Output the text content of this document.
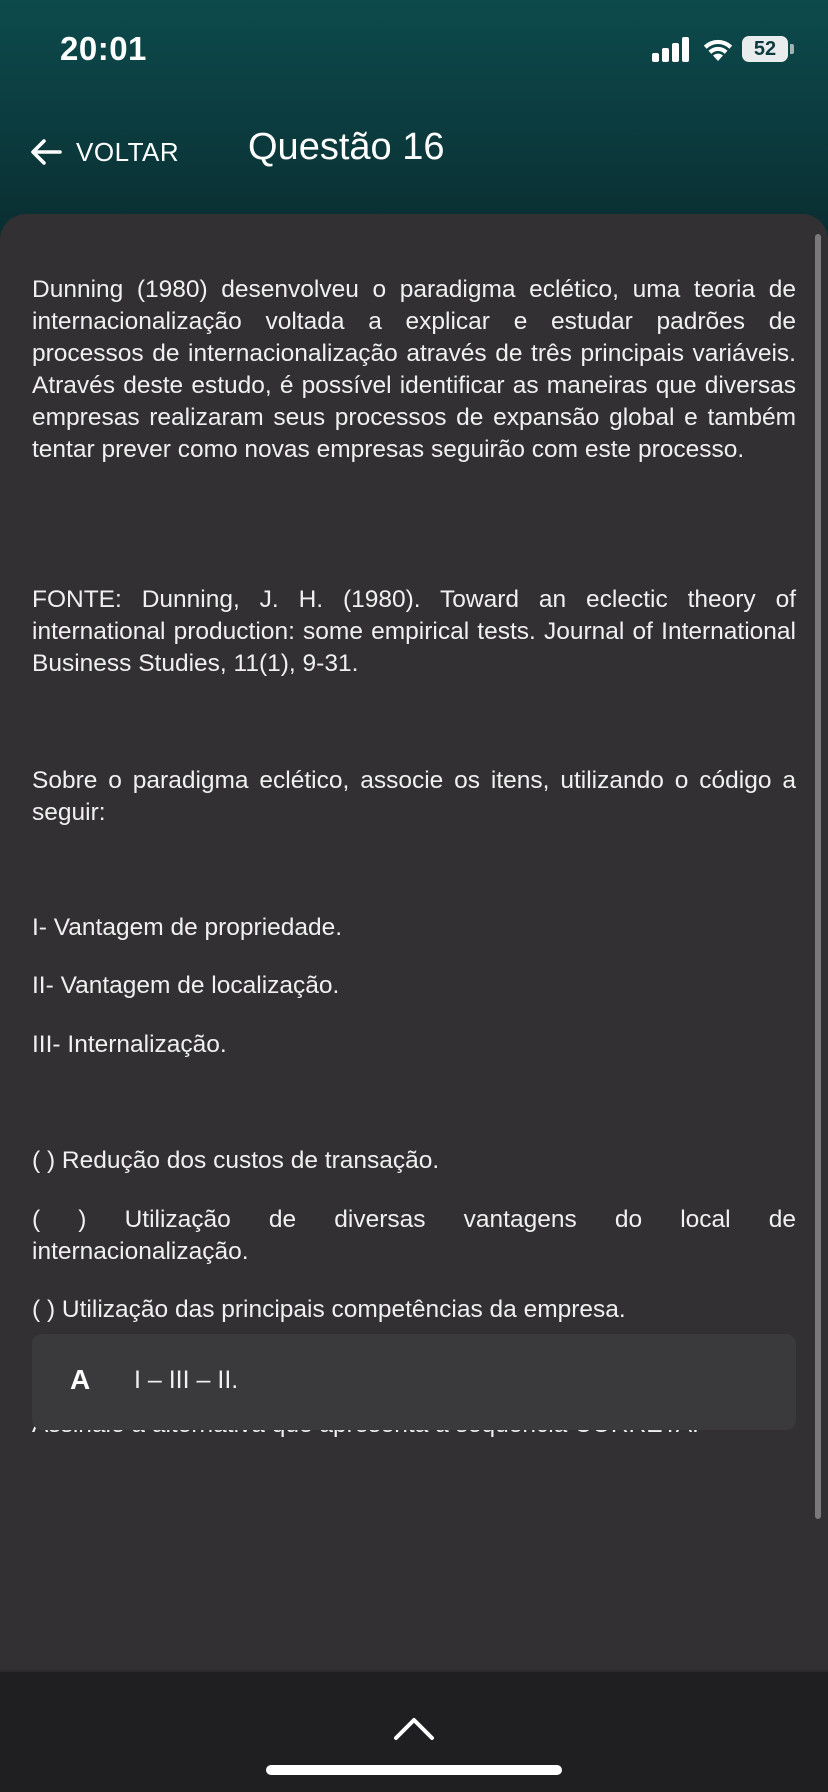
20:01	52
VOLTAR Questão 16
Dunning (1980) desenvolveu o paradigma eclético, uma teoria de internacionalização voltada a explicar e estudar padrões de processos de internacionalização através de três principais variáveis. Através deste estudo, é possível identificar as maneiras que diversas empresas realizaram seus processos de expansão global e também tentar prever como novas empresas seguirão com este processo.
FONTE: Dunning, J. H. (1980). Toward an eclectic theory of international production: some empirical tests. Journal of International Business Studies, 11(1), 9-31.
Sobre o paradigma eclético, associe os itens, utilizando o código a seguir:
I- Vantagem de propriedade.
II- Vantagem de localização.
III- Internalização.
( ) Redução dos custos de transação.
( ) Utilização de diversas vantagens do local de internacionalização.
( ) Utilização das principais competências da empresa.
A I – III – II.
